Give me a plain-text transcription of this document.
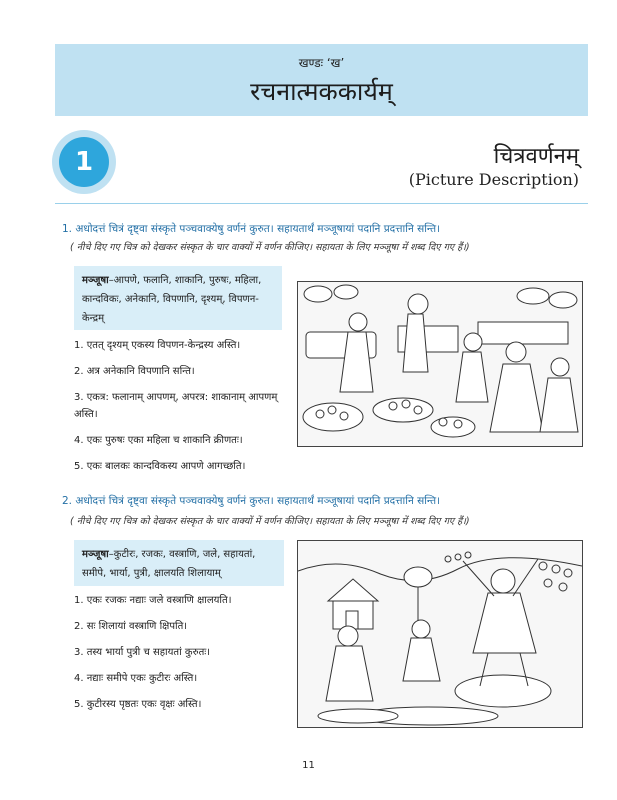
खण्डः ‘ख’
रचनात्मककार्यम्
1	चित्रवर्णनम्
(Picture Description)
1. अधोदत्तं चित्रं दृष्ट्वा संस्कृते पञ्चवाक्येषु वर्णनं कुरुत। सहायतार्थं मञ्जूषायां पदानि प्रदत्तानि सन्ति।
( नीचे दिए गए चित्र को देखकर संस्कृत के चार वाक्यों में वर्णन कीजिए। सहायता के लिए मञ्जूषा में शब्द दिए गए हैं।)
मञ्जूषा–आपणे, फलानि, शाकानि, पुरुषः, महिला, कान्दविकः, अनेकानि, विपणानि, दृश्यम्, विपणन-केन्द्रम्
1. एतत् दृश्यम् एकस्य विपणन-केन्द्रस्य अस्ति।
2. अत्र अनेकानि विपणानि सन्ति।
3. एकत्र: फलानाम् आपणम्, अपरत्र: शाकानाम् आपणम् अस्ति।
4. एकः पुरुषः एका महिला च शाकानि क्रीणतः।
5. एकः बालकः कान्दविकस्य आपणे आगच्छति।
2. अधोदत्तं चित्रं दृष्ट्वा संस्कृते पञ्चवाक्येषु वर्णनं कुरुत। सहायतार्थं मञ्जूषायां पदानि प्रदत्तानि सन्ति।
( नीचे दिए गए चित्र को देखकर संस्कृत के चार वाक्यों में वर्णन कीजिए। सहायता के लिए मञ्जूषा में शब्द दिए गए हैं।)
मञ्जूषा–कुटीरः, रजकः, वस्त्राणि, जले, सहायतां, समीपे, भार्या, पुत्री, क्षालयति शिलायाम्
1. एकः रजकः नद्याः जले वस्त्राणि क्षालयति।
2. सः शिलायां वस्त्राणि क्षिपति।
3. तस्य भार्या पुत्री च सहायतां कुरुतः।
4. नद्याः समीपे एकः कुटीरः अस्ति।
5. कुटीरस्य पृष्ठतः एकः वृक्षः अस्ति।
11
